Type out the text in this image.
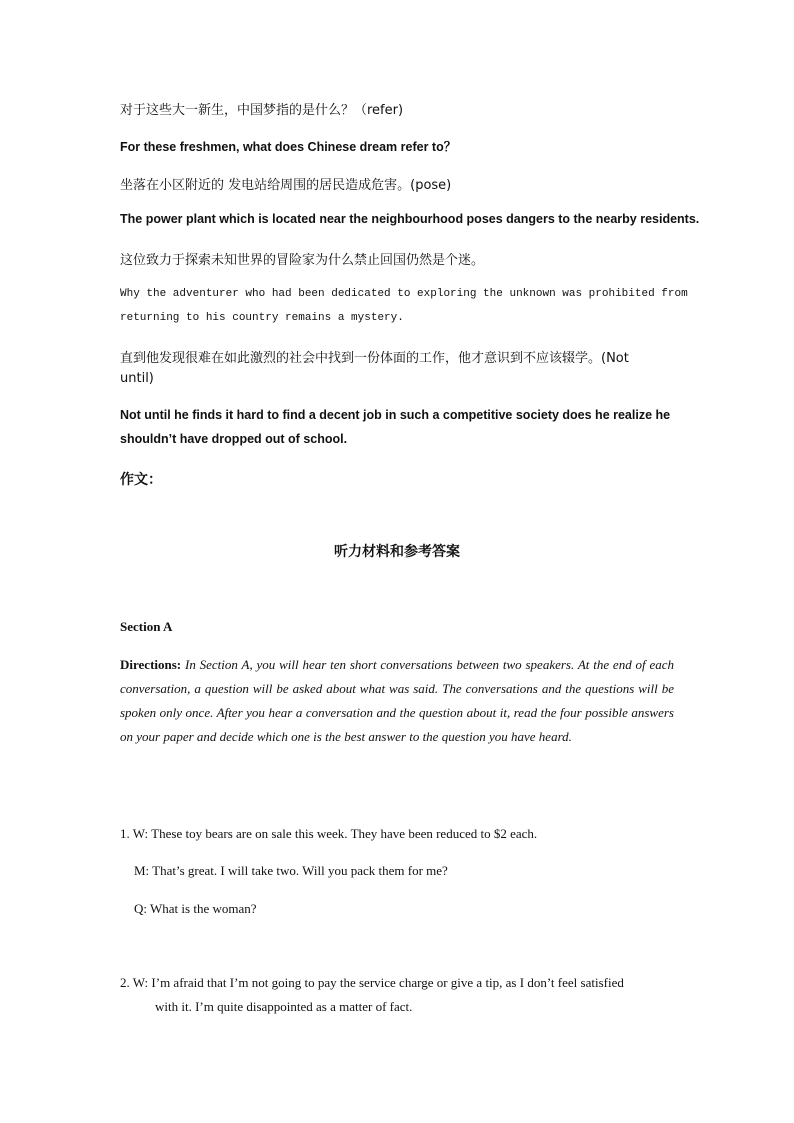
对于这些大一新生，中国梦指的是什么？（refer)
For these freshmen, what does Chinese dream refer to？
坐落在小区附近的 发电站给周围的居民造成危害。(pose)
The power plant which is located near the neighbourhood poses dangers to the nearby residents.
这位致力于探索未知世界的冒险家为什么禁止回国仍然是个迷。
Why the adventurer who had been dedicated to exploring the unknown was prohibited from
returning to his country remains a mystery.
直到他发现很难在如此激烈的社会中找到一份体面的工作，他才意识到不应该辍学。(Not
until)
Not until he finds it hard to find a decent job in such a competitive society does he realize he
shouldn’t have dropped out of school.
作文：
听力材料和参考答案
Section A
Directions: In Section A, you will hear ten short conversations between two speakers. At the end of each conversation, a question will be asked about what was said. The conversations and the questions will be spoken only once. After you hear a conversation and the question about it, read the four possible answers on your paper and decide which one is the best answer to the question you have heard.
1. W: These toy bears are on sale this week. They have been reduced to $2 each.
M: That’s great. I will take two. Will you pack them for me?
Q: What is the woman?
2. W: I’m afraid that I’m not going to pay the service charge or give a tip, as I don’t feel satisfied
with it. I’m quite disappointed as a matter of fact.
